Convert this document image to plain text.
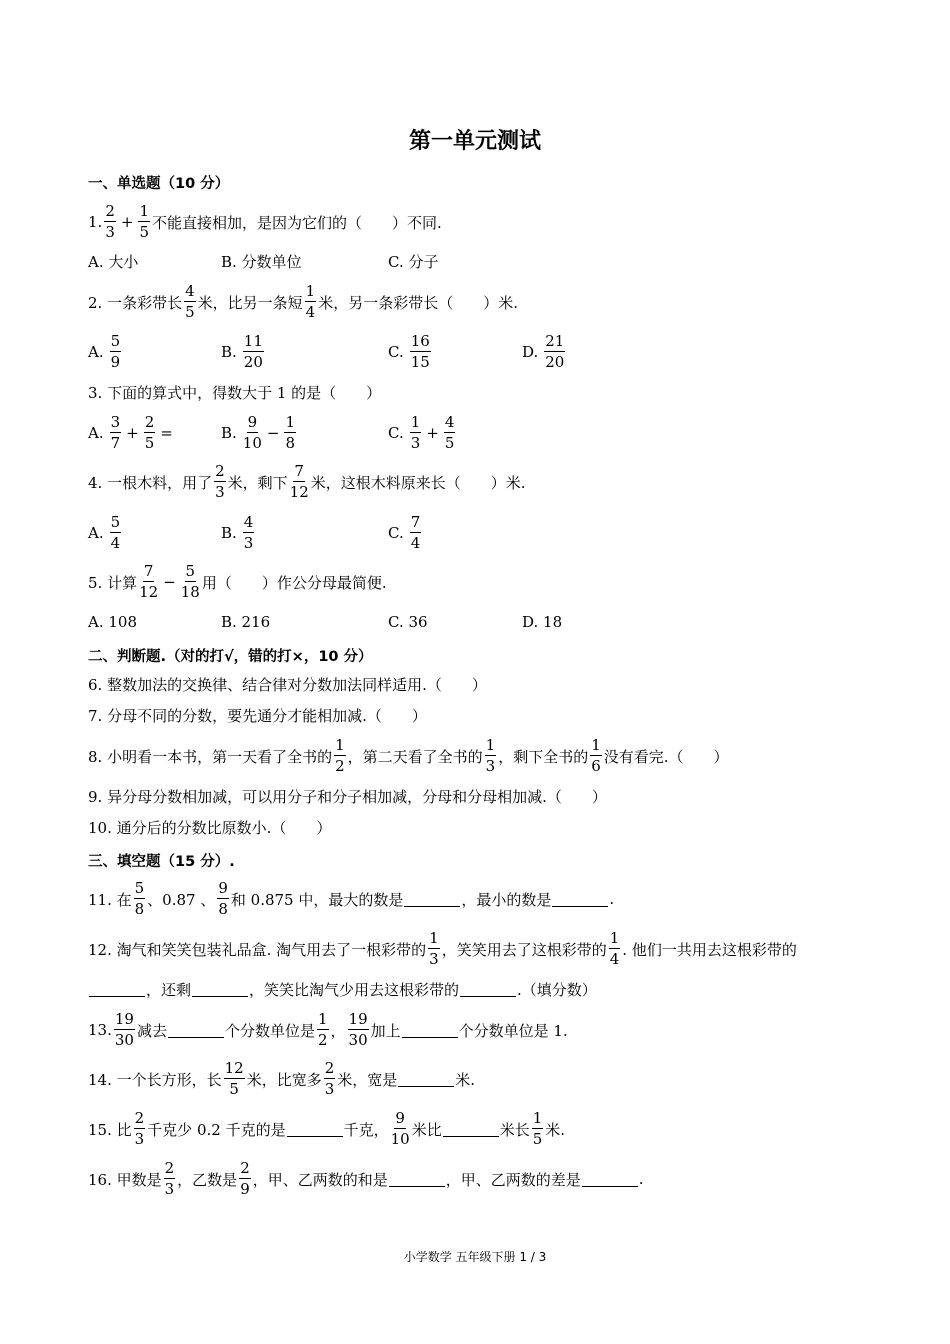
第一单元测试
一、单选题（10 分）
1. $\frac{2}{3} + \frac{1}{5}$ 不能直接相加，是因为它们的（　　）不同.
A. 大小	B. 分数单位	C. 分子
2. 一条彩带长 $\frac{4}{5}$ 米，比另一条短 $\frac{1}{4}$ 米，另一条彩带长（　　）米.
A. $\frac{5}{9}$	B. $\frac{11}{20}$	C. $\frac{16}{15}$	D. $\frac{21}{20}$
3. 下面的算式中，得数大于 1 的是（　　）
A. $\frac{3}{7} + \frac{2}{5}$ =	B. $\frac{9}{10} - \frac{1}{8}$	C. $\frac{1}{3} + \frac{4}{5}$
4. 一根木料，用了 $\frac{2}{3}$ 米，剩下 $\frac{7}{12}$ 米，这根木料原来长（　　）米.
A. $\frac{5}{4}$	B. $\frac{4}{3}$	C. $\frac{7}{4}$
5. 计算 $\frac{7}{12} - \frac{5}{18}$ 用（　　）作公分母最简便.
A. 108	B. 216	C. 36	D. 18
二、判断题.（对的打√，错的打×，10 分）
6. 整数加法的交换律、结合律对分数加法同样适用.（　　）
7. 分母不同的分数，要先通分才能相加减.（　　）
8. 小明看一本书，第一天看了全书的 $\frac{1}{2}$ ，第二天看了全书的 $\frac{1}{3}$ ，剩下全书的 $\frac{1}{6}$ 没有看完.（　　）
9. 异分母分数相加减，可以用分子和分子相加减，分母和分母相加减.（　　）
10. 通分后的分数比原数小.（　　）
三、填空题（15 分）.
11. 在 $\frac{5}{8}$ 、0.87 、 $\frac{9}{8}$ 和 0.875 中，最大的数是	，最小的数是	.
12. 淘气和笑笑包装礼品盒. 淘气用去了一根彩带的 $\frac{1}{3}$ ，笑笑用去了这根彩带的 $\frac{1}{4}$ . 他们一共用去这根彩带的
，还剩	，笑笑比淘气少用去这根彩带的	.（填分数）
13. $\frac{19}{30}$ 减去	个分数单位是 $\frac{1}{2}$ ， $\frac{19}{30}$ 加上	个分数单位是 1.
14. 一个长方形，长 $\frac{12}{5}$ 米，比宽多 $\frac{2}{3}$ 米，宽是	米.
15. 比 $\frac{2}{3}$ 千克少 0.2 千克的是	千克， $\frac{9}{10}$ 米比	米长 $\frac{1}{5}$ 米.
16. 甲数是 $\frac{2}{3}$ ，乙数是 $\frac{2}{9}$ ，甲、乙两数的和是	，甲、乙两数的差是	.
小学数学 五年级下册 1 / 3
